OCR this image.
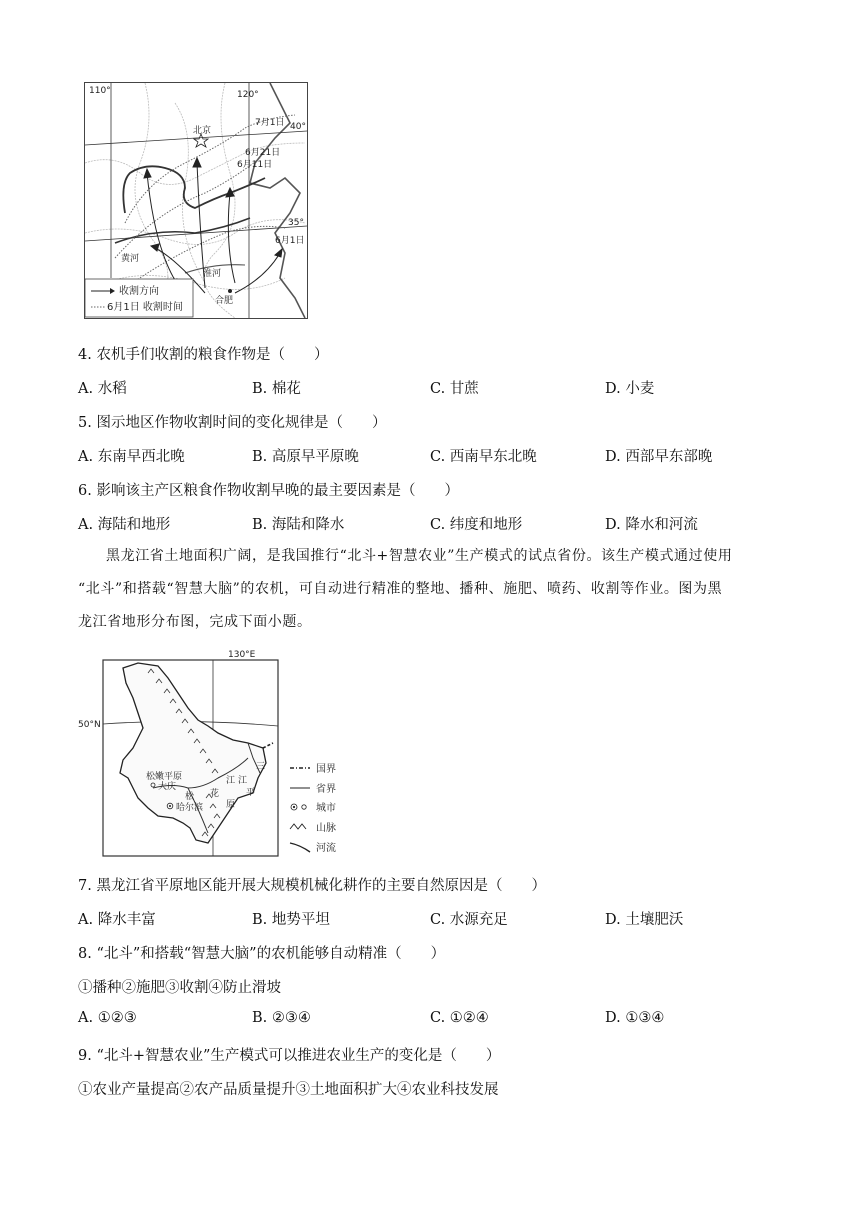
110°	120°
40°
35°
北京
黄河
淮河
合肥
7月1日
6月21日
6月11日
6月1日
收割方向
6月1日 收割时间
4. 农机手们收割的粮食作物是（　　）
A. 水稻	B. 棉花	C. 甘蔗	D. 小麦
5. 图示地区作物收割时间的变化规律是（　　）
A. 东南早西北晚	B. 高原早平原晚	C. 西南早东北晚	D. 西部早东部晚
6. 影响该主产区粮食作物收割早晚的最主要因素是（　　）
A. 海陆和地形	B. 海陆和降水	C. 纬度和地形	D. 降水和河流
黑龙江省土地面积广阔，是我国推行“北斗+智慧农业”生产模式的试点省份。该生产模式通过使用
“北斗”和搭载“智慧大脑”的农机，可自动进行精准的整地、播种、施肥、喷药、收割等作业。图为黑
龙江省地形分布图，完成下面小题。
130°E
50°N
松嫩平原
大庆
哈尔滨
松 花
江
三
江
平
原
国界
省界
城市
山脉
河流
7. 黑龙江省平原地区能开展大规模机械化耕作的主要自然原因是（　　）
A. 降水丰富	B. 地势平坦	C. 水源充足	D. 土壤肥沃
8. “北斗”和搭载“智慧大脑”的农机能够自动精准（　　）
①播种②施肥③收割④防止滑坡
A. ①②③	B. ②③④	C. ①②④	D. ①③④
9. “北斗+智慧农业”生产模式可以推进农业生产的变化是（　　）
①农业产量提高②农产品质量提升③土地面积扩大④农业科技发展
